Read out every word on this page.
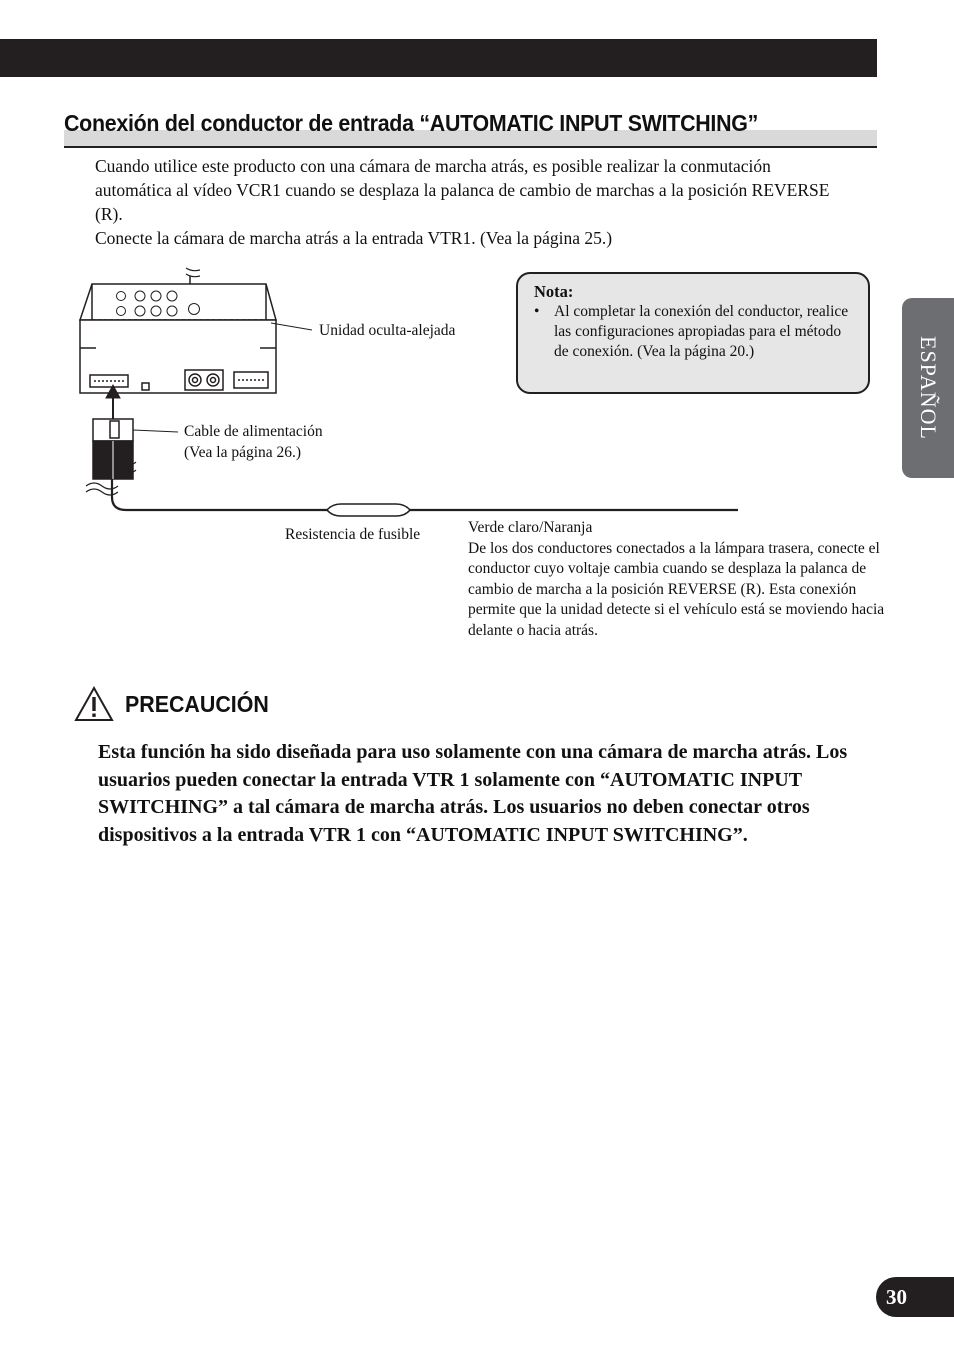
Conexión del conductor de entrada “AUTOMATIC INPUT SWITCHING”

Cuando utilice este producto con una cámara de marcha atrás, es posible realizar la conmutación automática al vídeo VCR1 cuando se desplaza la palanca de cambio de marchas a la posición REVERSE (R).

Conecte la cámara de marcha atrás a la entrada VTR1. (Vea la página 25.)

Unidad oculta-alejada
Cable de alimentación
(Vea la página 26.)
Resistencia de fusible	Verde claro/Naranja

De los dos conductores conectados a la lámpara trasera, conecte el conductor cuyo voltaje cambia cuando se desplaza la palanca de cambio de marcha a la posición REVERSE (R). Esta conexión permite que la unidad detecte si el vehículo está se moviendo hacia delante o hacia atrás.

Nota:
• Al completar la conexión del conductor, realice las configuraciones apropiadas para el método de conexión. (Vea la página 20.)
PRECAUCIÓN
Esta función ha sido diseñada para uso solamente con una cámara de marcha atrás. Los usuarios pueden conectar la entrada VTR 1 solamente con “AUTOMATIC INPUT SWITCHING” a tal cámara de marcha atrás. Los usuarios no deben conectar otros dispositivos a la entrada VTR 1 con “AUTOMATIC INPUT SWITCHING”.
ESPAÑOL
30
